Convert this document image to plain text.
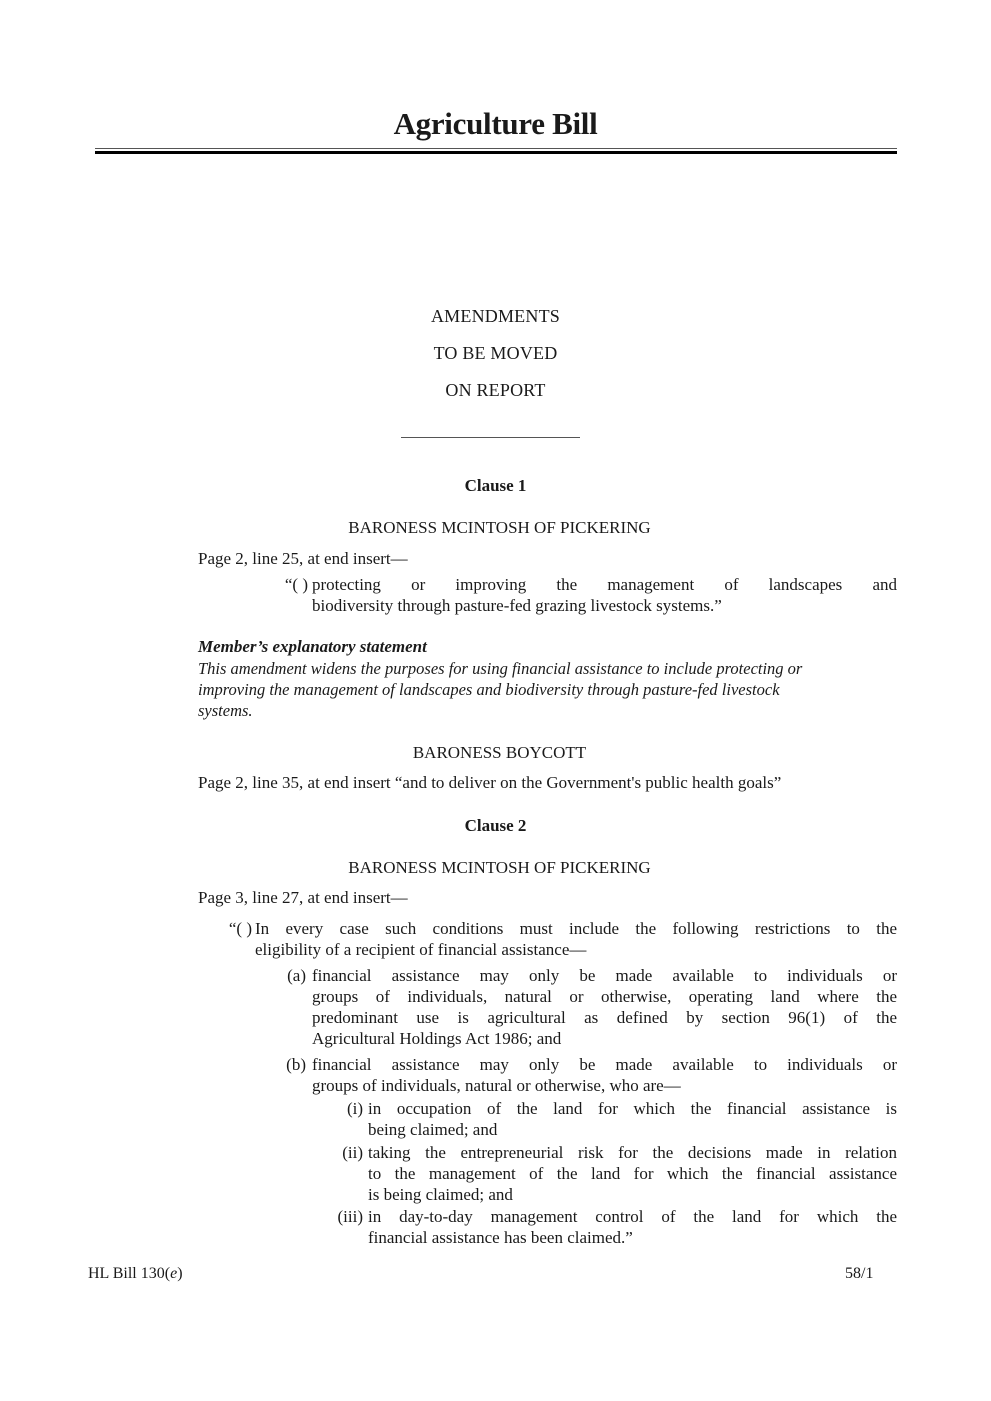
Agriculture Bill
AMENDMENTS
TO BE MOVED
ON REPORT
Clause 1
BARONESS MCINTOSH OF PICKERING
Page 2, line 25, at end insert—
“( ) protecting or improving the management of landscapes and
biodiversity through pasture-fed grazing livestock systems.”
Member’s explanatory statement
This amendment widens the purposes for using financial assistance to include protecting or
improving the management of landscapes and biodiversity through pasture-fed livestock
systems.
BARONESS BOYCOTT
Page 2, line 35, at end insert “and to deliver on the Government's public health goals”
Clause 2
BARONESS MCINTOSH OF PICKERING
Page 3, line 27, at end insert—
“( ) In every case such conditions must include the following restrictions to the
eligibility of a recipient of financial assistance—
(a) financial assistance may only be made available to individuals or
groups of individuals, natural or otherwise, operating land where the
predominant use is agricultural as defined by section 96(1) of the
Agricultural Holdings Act 1986; and
(b) financial assistance may only be made available to individuals or
groups of individuals, natural or otherwise, who are—
(i) in occupation of the land for which the financial assistance is
being claimed; and
(ii) taking the entrepreneurial risk for the decisions made in relation
to the management of the land for which the financial assistance
is being claimed; and
(iii) in day-to-day management control of the land for which the
financial assistance has been claimed.”
HL Bill 130(e)	58/1
